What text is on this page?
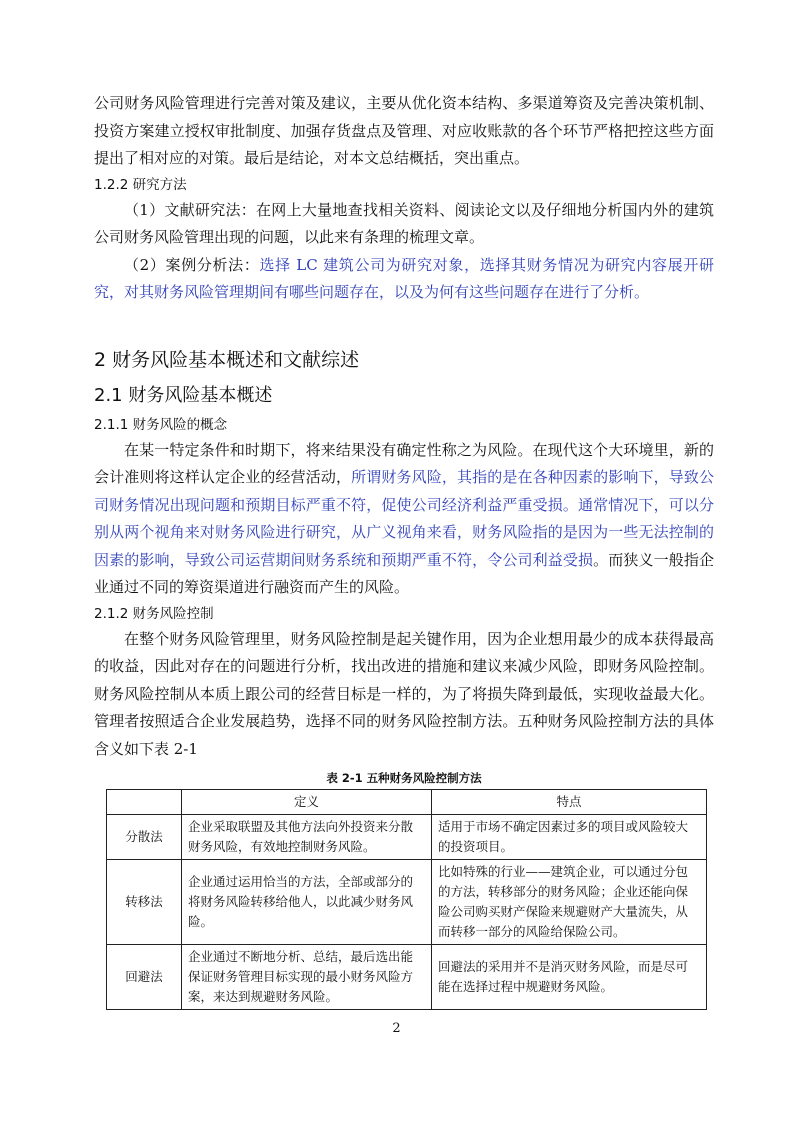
公司财务风险管理进行完善对策及建议，主要从优化资本结构、多渠道筹资及完善决策机制、投资方案建立授权审批制度、加强存货盘点及管理、对应收账款的各个环节严格把控这些方面提出了相对应的对策。最后是结论，对本文总结概括，突出重点。

1.2.2 研究方法

（1）文献研究法：在网上大量地查找相关资料、阅读论文以及仔细地分析国内外的建筑公司财务风险管理出现的问题，以此来有条理的梳理文章。

（2）案例分析法：选择 LC 建筑公司为研究对象，选择其财务情况为研究内容展开研究，对其财务风险管理期间有哪些问题存在，以及为何有这些问题存在进行了分析。

2 财务风险基本概述和文献综述
2.1 财务风险基本概述
2.1.1 财务风险的概念

在某一特定条件和时期下，将来结果没有确定性称之为风险。在现代这个大环境里，新的会计准则将这样认定企业的经营活动，所谓财务风险，其指的是在各种因素的影响下，导致公司财务情况出现问题和预期目标严重不符，促使公司经济利益严重受损。通常情况下，可以分别从两个视角来对财务风险进行研究，从广义视角来看，财务风险指的是因为一些无法控制的因素的影响，导致公司运营期间财务系统和预期严重不符，令公司利益受损。而狭义一般指企业通过不同的筹资渠道进行融资而产生的风险。

2.1.2 财务风险控制

在整个财务风险管理里，财务风险控制是起关键作用，因为企业想用最少的成本获得最高的收益，因此对存在的问题进行分析，找出改进的措施和建议来减少风险，即财务风险控制。财务风险控制从本质上跟公司的经营目标是一样的，为了将损失降到最低，实现收益最大化。管理者按照适合企业发展趋势，选择不同的财务风险控制方法。五种财务风险控制方法的具体含义如下表 2-1

表 2-1 五种财务风险控制方法
	定义	特点
分散法	企业采取联盟及其他方法向外投资来分散财务风险，有效地控制财务风险。	适用于市场不确定因素过多的项目或风险较大的投资项目。
转移法	企业通过运用恰当的方法，全部或部分的将财务风险转移给他人，以此减少财务风险。	比如特殊的行业——建筑企业，可以通过分包的方法，转移部分的财务风险；企业还能向保险公司购买财产保险来规避财产大量流失，从而转移一部分的风险给保险公司。
回避法	企业通过不断地分析、总结，最后选出能保证财务管理目标实现的最小财务风险方案，来达到规避财务风险。	回避法的采用并不是消灭财务风险，而是尽可能在选择过程中规避财务风险。
2
